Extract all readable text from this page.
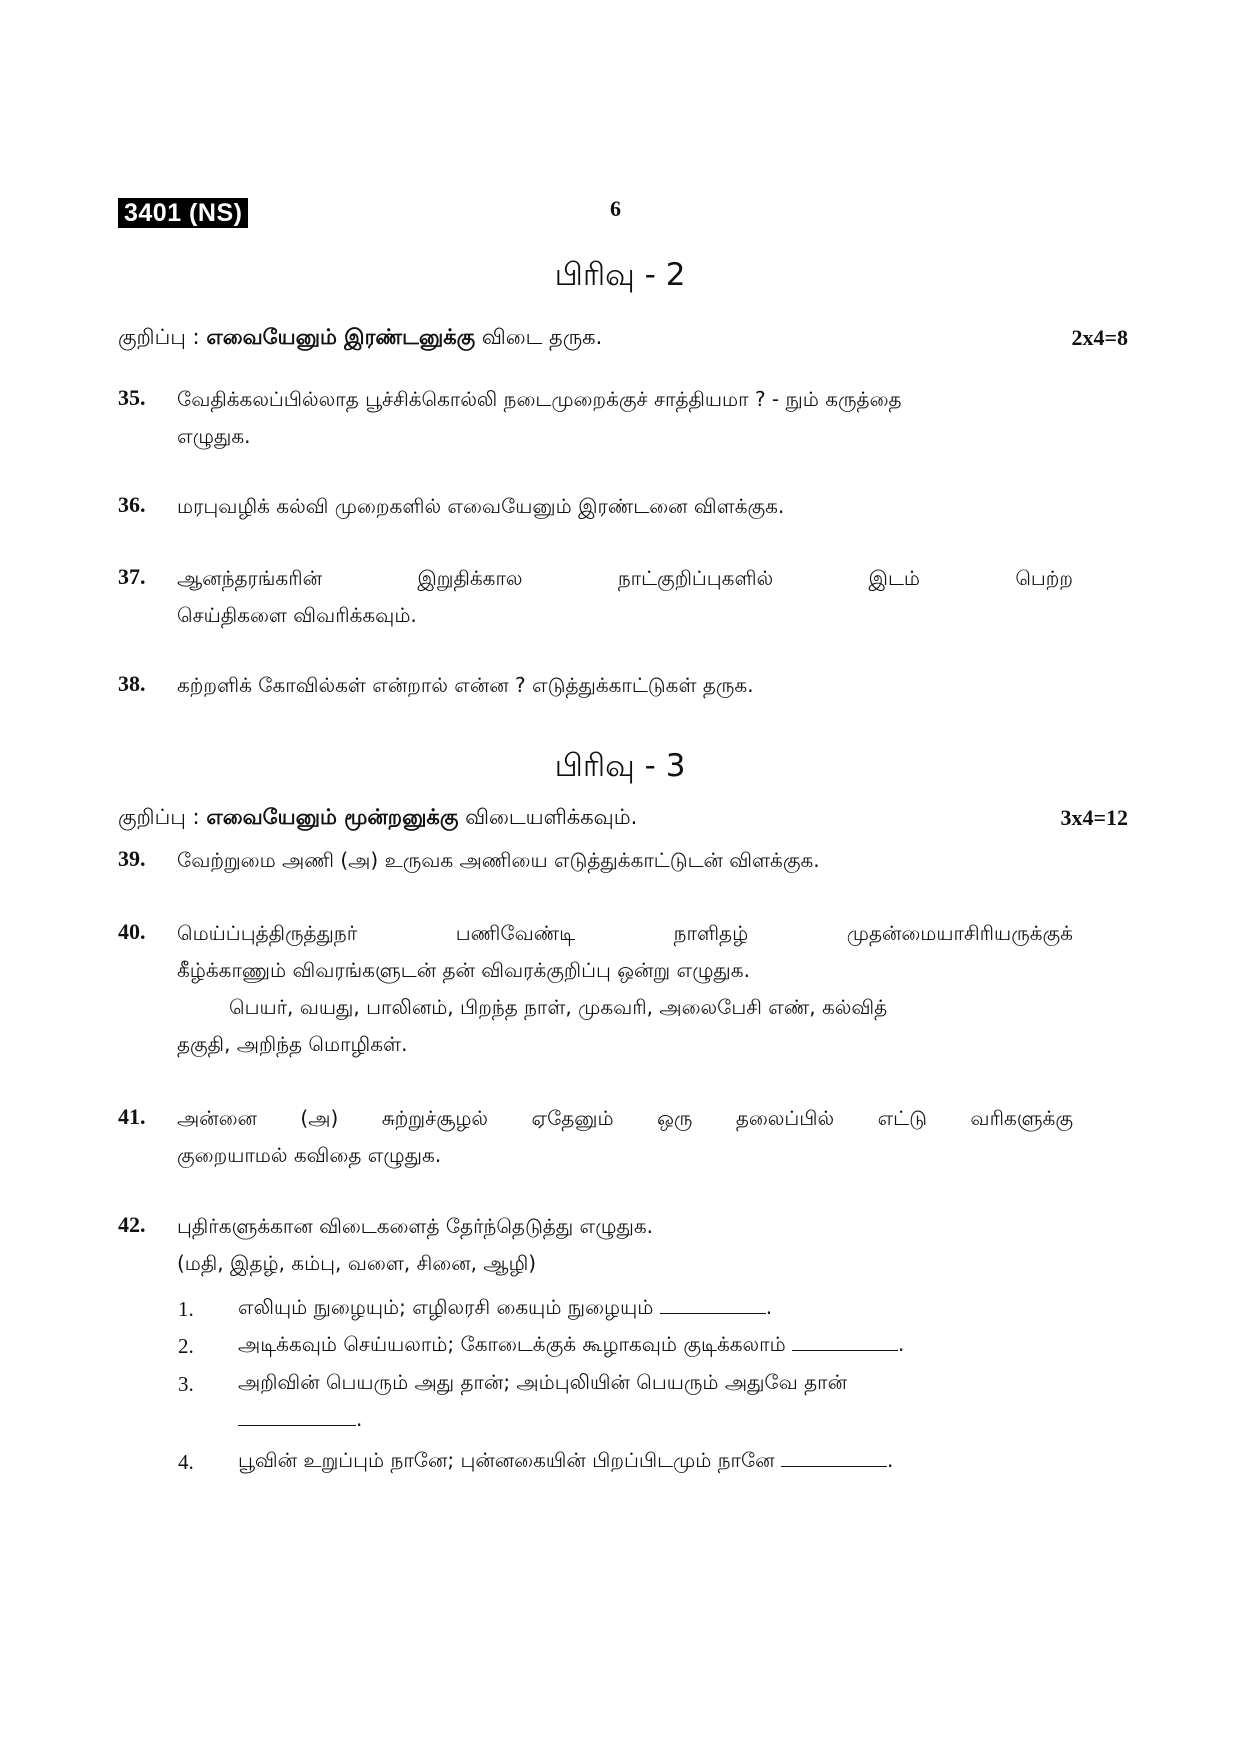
3401 (NS)	6
பிரிவு - 2
குறிப்பு : எவையேனும் இரண்டனுக்கு விடை தருக.	2x4=8
35. வேதிக்கலப்பில்லாத பூச்சிக்கொல்லி நடைமுறைக்குச் சாத்தியமா ? - நும் கருத்தை
எழுதுக.
36. மரபுவழிக் கல்வி முறைகளில் எவையேனும் இரண்டனை விளக்குக.
37. ஆனந்தரங்கரின்	இறுதிக்கால	நாட்குறிப்புகளில்	இடம்	பெற்ற
செய்திகளை விவரிக்கவும்.
38. கற்றளிக் கோவில்கள் என்றால் என்ன ? எடுத்துக்காட்டுகள் தருக.
பிரிவு - 3
குறிப்பு : எவையேனும் மூன்றனுக்கு விடையளிக்கவும்.	3x4=12
39. வேற்றுமை அணி (அ) உருவக அணியை எடுத்துக்காட்டுடன் விளக்குக.
40. மெய்ப்புத்திருத்துநர்	பணிவேண்டி	நாளிதழ்	முதன்மையாசிரியருக்குக்
கீழ்க்காணும் விவரங்களுடன் தன் விவரக்குறிப்பு ஒன்று எழுதுக.
பெயர், வயது, பாலினம், பிறந்த நாள், முகவரி, அலைபேசி எண், கல்வித்
தகுதி, அறிந்த மொழிகள்.
41. அன்னை (அ) சுற்றுச்சூழல் ஏதேனும் ஒரு தலைப்பில் எட்டு வரிகளுக்கு
குறையாமல் கவிதை எழுதுக.
42. புதிர்களுக்கான விடைகளைத் தேர்ந்தெடுத்து எழுதுக.
(மதி, இதழ், கம்பு, வளை, சினை, ஆழி)
1. எலியும் நுழையும்; எழிலரசி கையும் நுழையும்	.
2. அடிக்கவும் செய்யலாம்; கோடைக்குக் கூழாகவும் குடிக்கலாம்	.
3. அறிவின் பெயரும் அது தான்; அம்புலியின் பெயரும் அதுவே தான்
.
4. பூவின் உறுப்பும் நானே; புன்னகையின் பிறப்பிடமும் நானே	.
